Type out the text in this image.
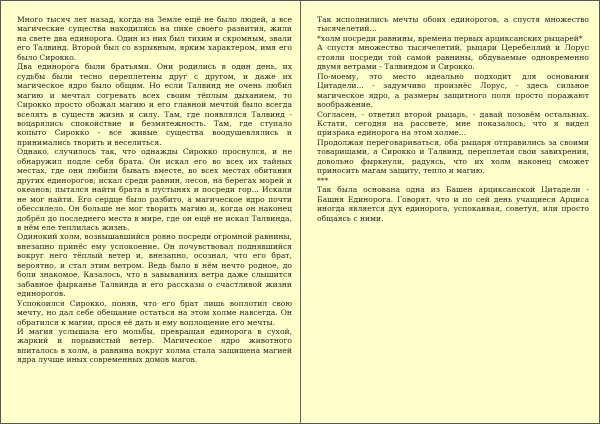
Много тысяч лет назад, когда на Земле ещё не было людей, а все магические существа находились на пике своего развития, жили на свете два единорога. Один из них был тихим и скромным, звали его Талвинд. Второй был со взрывным, ярким характером, имя его было Сироккo.

Два единорога были братьями. Они родились в один день, их судьбы были тесно переплетены друг с другом, и даже их магическое ядро было общим. Но если Талвинд не очень любил магию и мечтал согревать всех своим тёплым дыханием, то Сироккo просто обожал магию и его главной мечтой было всегда вселять в существ жизнь и силу. Там, где появлялся Талвинд - воцарялись спокойствие и безмятежность. Там, где ступало копыто Сироккo - все живые существа воодушевлялись и принимались творить и веселиться.

Однако, случилось так, что однажды Сироккo проснулся, и не обнаружил подле себя брата. Он искал его во всех их тайных местах, где они любили бывать вместе, во всех местах обитания других единорогов; искал среди равнин, лесов, на берегах морей и океанов; пытался найти брата в пустынях и посреди гор... Искали не мог найти. Его сердце было разбито, а магическое ядро почти обессилело. Он больше не мог творить магию и, когда он наконец добрёл до последнего места в мире, где он ещё не искал Талвинда, в нём еле теплилась жизнь.

Одинокий холм, возвышавшийся ровно посреди огромной равнины, внезапно принёс ему успокоение. Он почувствовал поднявшийся вокруг него тёплый ветер и, внезапно, осознал, что его брат, вероятно, и стал этим ветром. Ведь было в нём нечто родное, до боли знакомое. Казалось, что в завываниях ветра даже слышится забавное фырканье Талвинда и его рассказы о счастливой жизни единорогов.

Успокоился Сироккo, поняв, что его брат лишь воплотил свою мечту, но дал себе обещание остаться на этом холме навсегда. Он обратился к магии, прося её дать и ему воплощение его мечты.

И магия услышала его мольбы, превращая единорога в сухой, жаркий и порывистый ветер. Магическое ядро животного впиталось в холм, а равнина вокруг холма стала защищена магией ядра лучше иных современных домов магов.

Так исполнились мечты обоих единорогов, а спустя множество тысячелетий...

*холм посреди равнины, времена первых арциксанских рыцарей*

А спустя множество тысячелетий, рыцари Церебеллий и Лорус стояли посреди той самой равнины, обдуваемые одновременно двумя ветрами - Талвиндом и Сироккo.

По-моему, это место идеально подходит для основания Цитадели... - задумчиво произнёс Лорус, - здесь сильное магическое ядро, а размеры защитного поля просто поражают воображение.

Согласен, - ответил второй рыцарь, - давай позовём остальных. Кстати, сегодня на рассвете, мне показалось, что я видел призрака единорога на этом холме...

Продолжая переговариваться, оба рыцаря отправились за своими товарищами, а Сироккo и Талвинд, переплетая свои завихрения, довольно фыркнули, радуясь, что их холм наконец сможет приносить магам защиту, тепло и магию.

***

Так была основана одна из Башен арциксанской Цитадели - Башня Единорога. Говорят, что и по сей день учащиеся Арциса иногда является дух единорога, успокаивая, советуя, или просто общаясь с ними.
